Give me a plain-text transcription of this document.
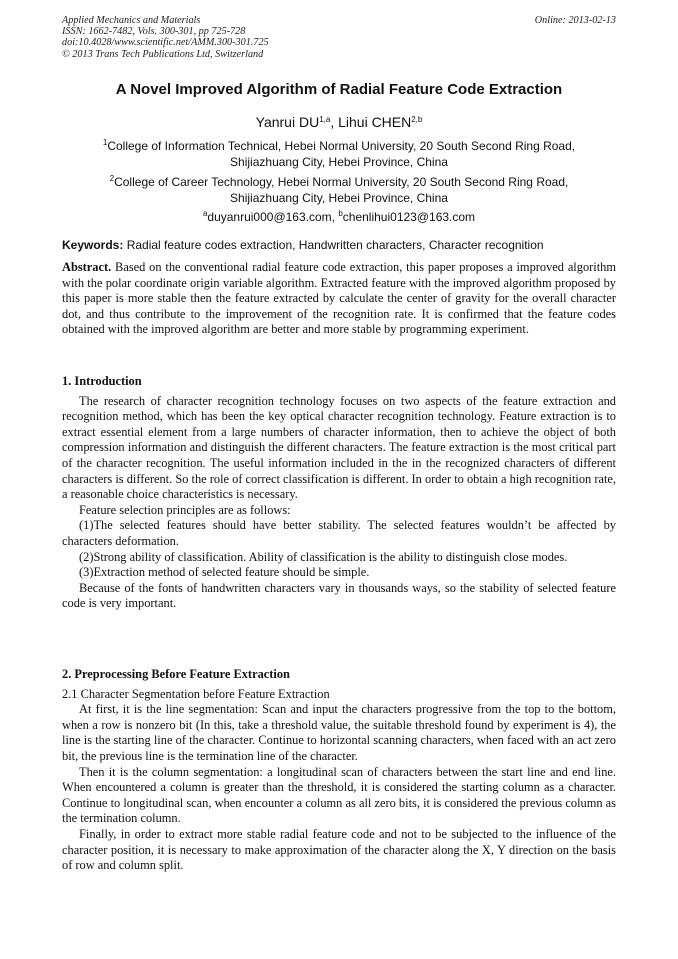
Applied Mechanics and Materials	Online: 2013-02-13
ISSN: 1662-7482, Vols. 300-301, pp 725-728
doi:10.4028/www.scientific.net/AMM.300-301.725
© 2013 Trans Tech Publications Ltd, Switzerland
A Novel Improved Algorithm of Radial Feature Code Extraction
Yanrui DU$^{1,a}$, Lihui CHEN$^{2,b}$
$^1$College of Information Technical, Hebei Normal University, 20 South Second Ring Road,
Shijiazhuang City, Hebei Province, China
$^2$College of Career Technology, Hebei Normal University, 20 South Second Ring Road,
Shijiazhuang City, Hebei Province, China
$^a$duyanrui000@163.com, $^b$chenlihui0123@163.com
Keywords: Radial feature codes extraction, Handwritten characters, Character recognition

Abstract. Based on the conventional radial feature code extraction, this paper proposes a improved algorithm with the polar coordinate origin variable algorithm. Extracted feature with the improved algorithm proposed by this paper is more stable then the feature extracted by calculate the center of gravity for the overall character dot, and thus contribute to the improvement of the recognition rate. It is confirmed that the feature codes obtained with the improved algorithm are better and more stable by programming experiment.

1. Introduction

The research of character recognition technology focuses on two aspects of the feature extraction and recognition method, which has been the key optical character recognition technology. Feature extraction is to extract essential element from a large numbers of character information, then to achieve the object of both compression information and distinguish the different characters. The feature extraction is the most critical part of the character recognition. The useful information included in the in the recognized characters of different characters is different. So the role of correct classification is different. In order to obtain a high recognition rate, a reasonable choice characteristics is necessary.

Feature selection principles are as follows:

(1)The selected features should have better stability. The selected features wouldn’t be affected by characters deformation.

(2)Strong ability of classification. Ability of classification is the ability to distinguish close modes.

(3)Extraction method of selected feature should be simple.

Because of the fonts of handwritten characters vary in thousands ways, so the stability of selected feature code is very important.

2. Preprocessing Before Feature Extraction

2.1 Character Segmentation before Feature Extraction

At first, it is the line segmentation: Scan and input the characters progressive from the top to the bottom, when a row is nonzero bit (In this, take a threshold value, the suitable threshold found by experiment is 4), the line is the starting line of the character. Continue to horizontal scanning characters, when faced with an act zero bit, the previous line is the termination line of the character.

Then it is the column segmentation: a longitudinal scan of characters between the start line and end line. When encountered a column is greater than the threshold, it is considered the starting column as a character. Continue to longitudinal scan, when encounter a column as all zero bits, it is considered the previous column as the termination column.

Finally, in order to extract more stable radial feature code and not to be subjected to the influence of the character position, it is necessary to make approximation of the character along the X, Y direction on the basis of row and column split.
